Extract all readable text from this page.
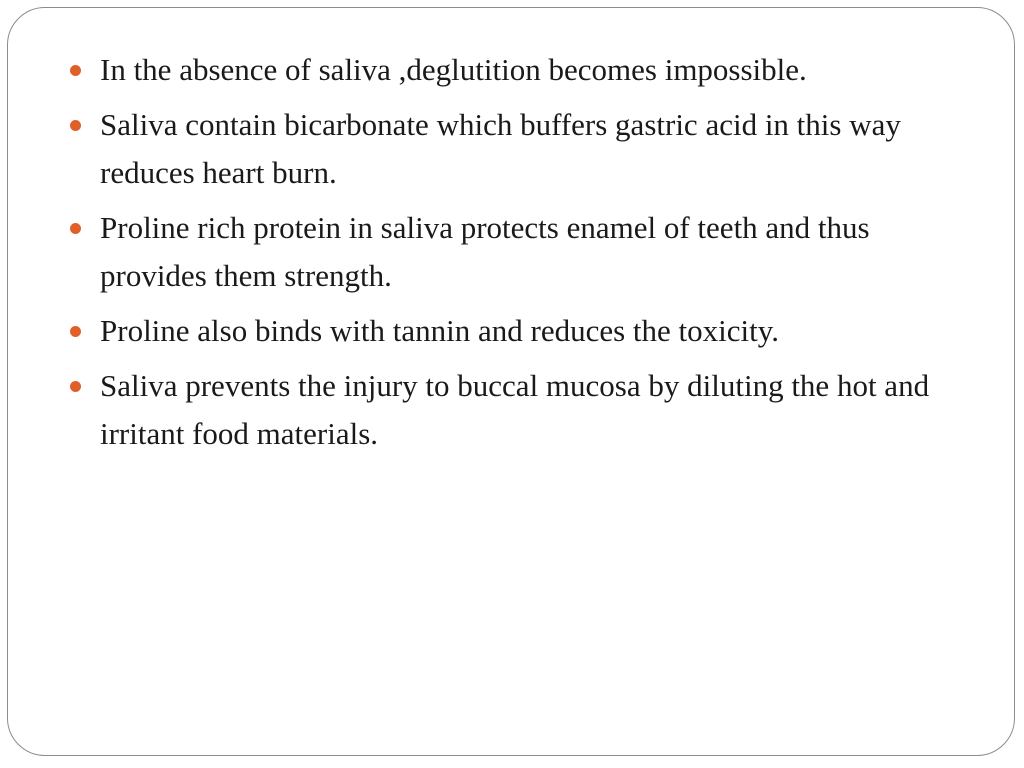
In the absence of saliva ,deglutition becomes impossible.
Saliva contain bicarbonate which buffers gastric acid in this way reduces heart burn.
Proline rich protein in saliva protects enamel of teeth and thus provides them strength.
Proline also binds with tannin and reduces the toxicity.
Saliva prevents the injury to buccal mucosa by diluting the hot and irritant food materials.
